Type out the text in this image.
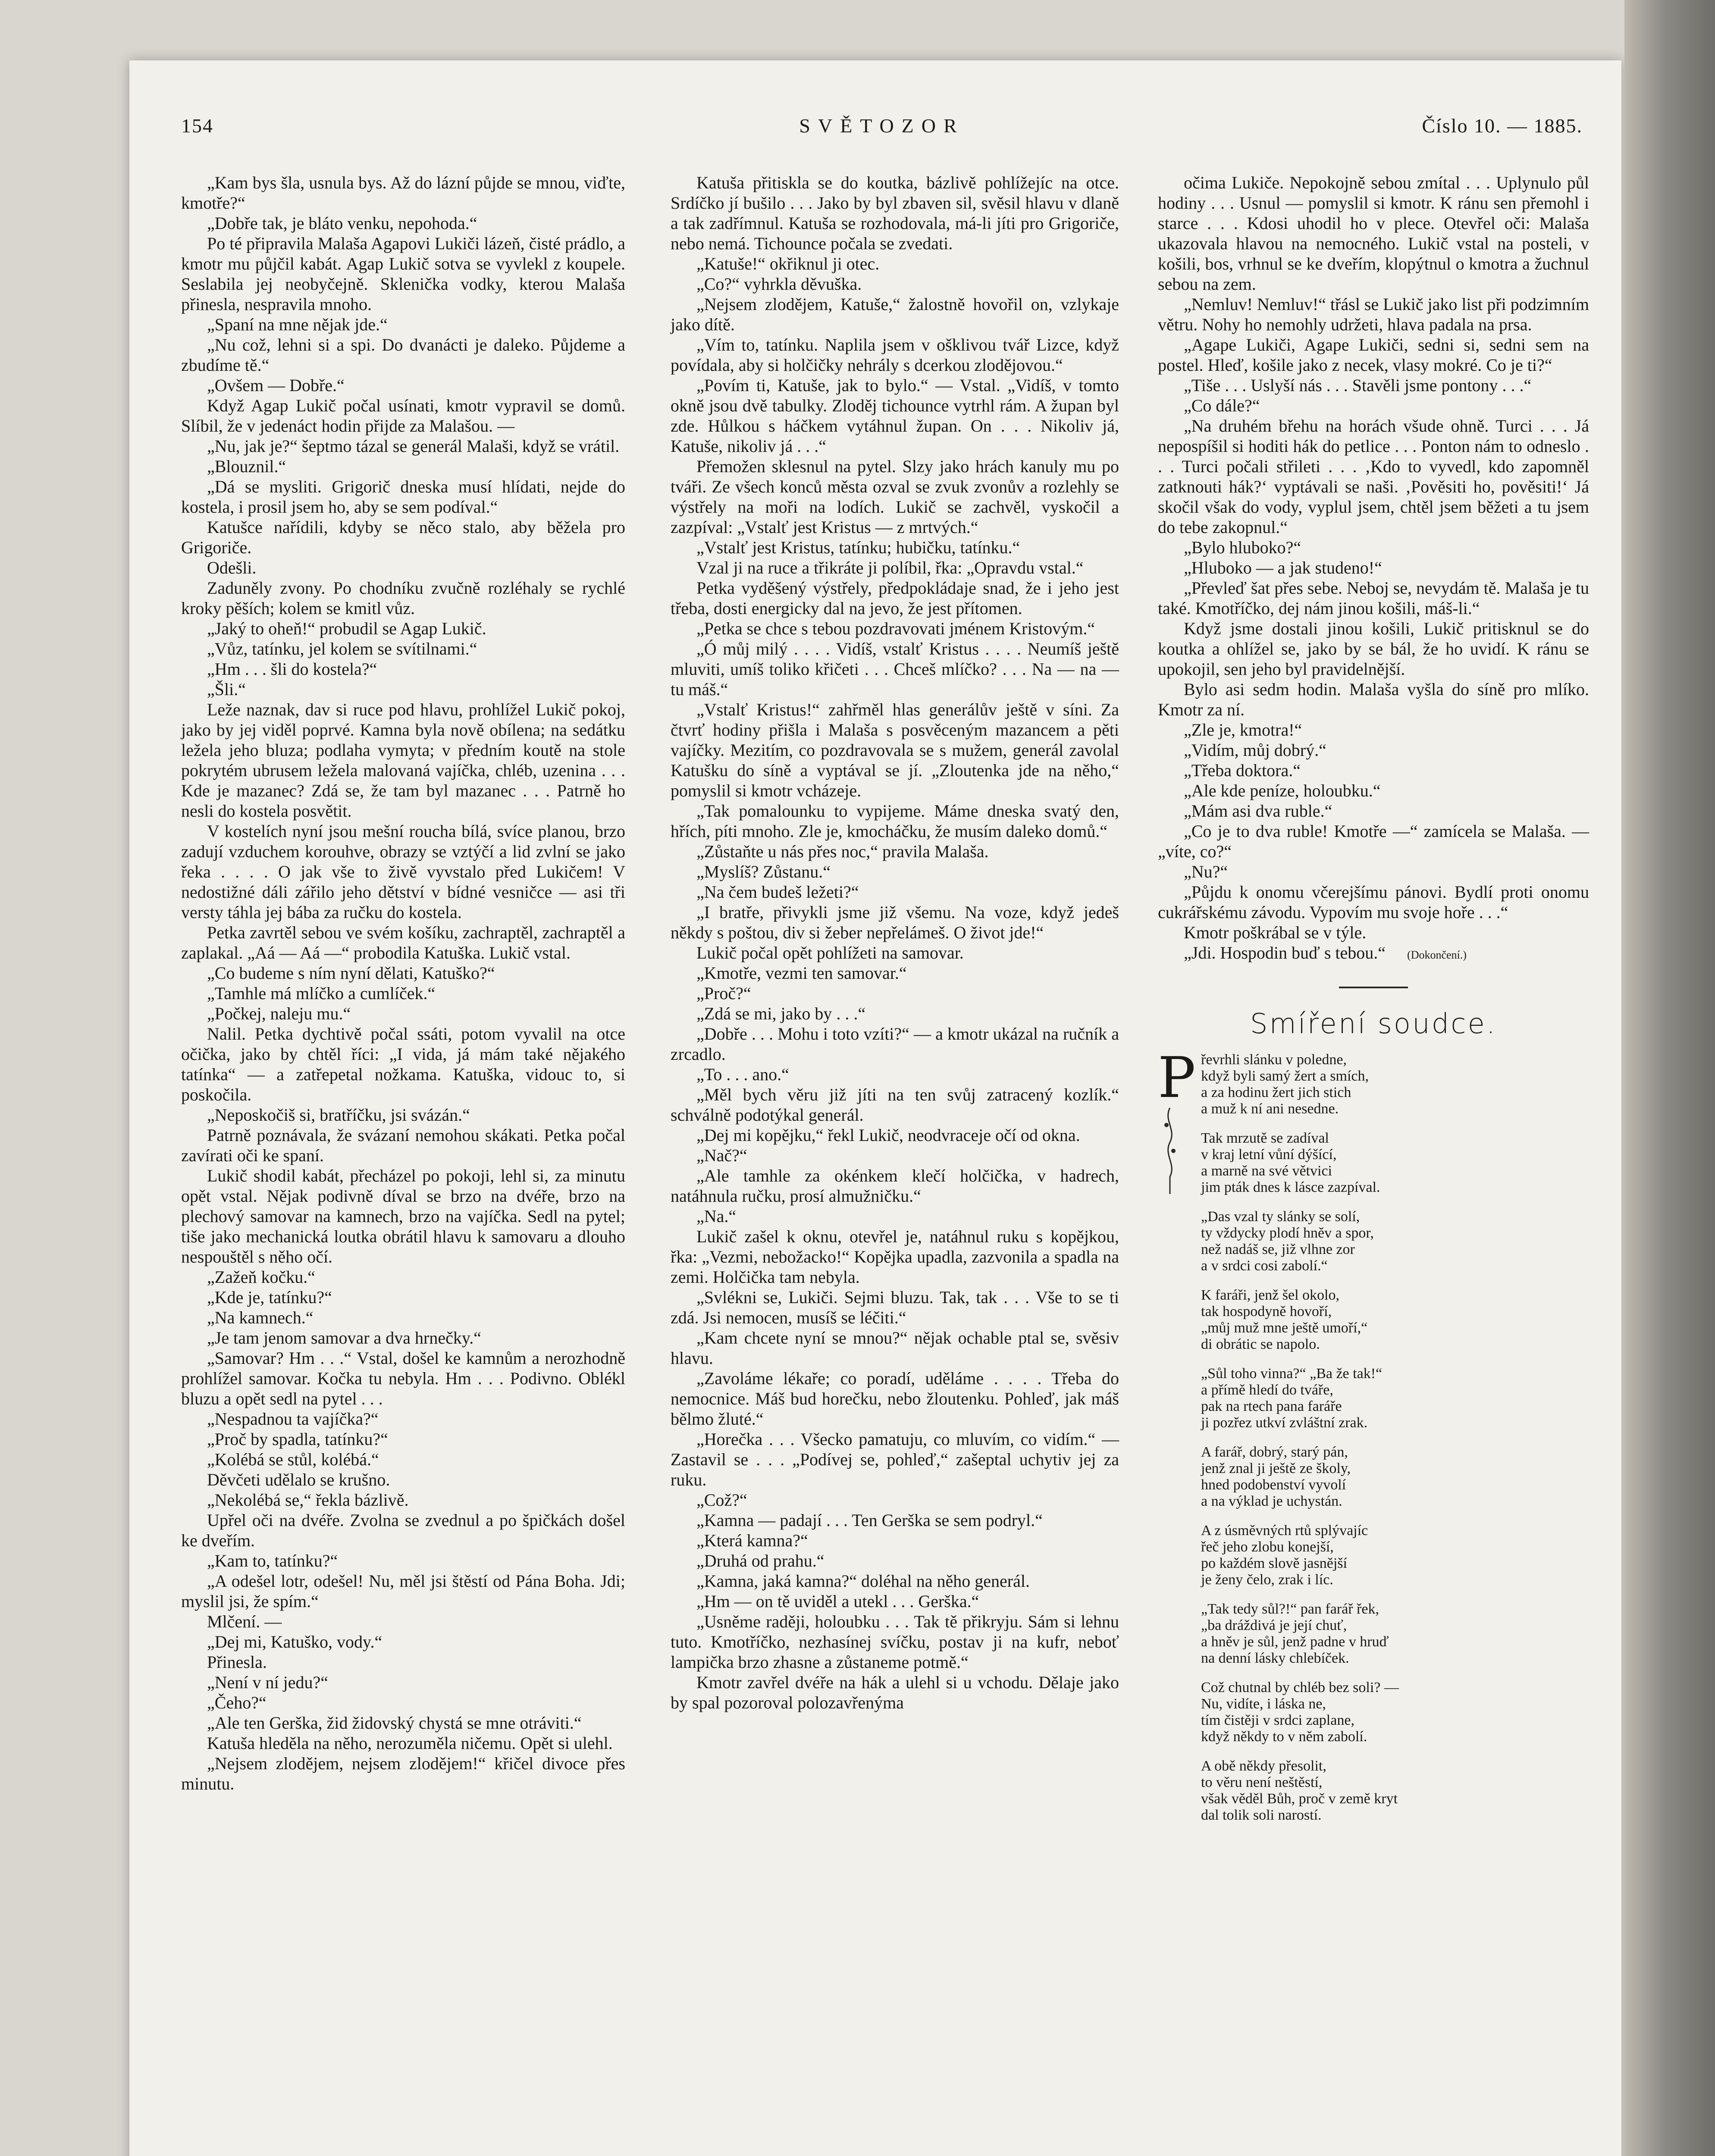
154	SVĚTOZOR	Číslo 10. — 1885.

„Kam bys šla, usnula bys. Až do lázní půjde se mnou, viďte, kmotře?“

„Dobře tak, je bláto venku, nepohoda.“

Po té připravila Malaša Agapovi Lukiči lázeň, čisté prádlo, a kmotr mu půjčil kabát. Agap Lukič sotva se vyvlekl z koupele. Seslabila jej neobyčejně. Sklenička vodky, kterou Malaša přinesla, nespravila mnoho.

„Spaní na mne nějak jde.“

„Nu což, lehni si a spi. Do dvanácti je daleko. Půjdeme a zbudíme tě.“

„Ovšem — Dobře.“

Když Agap Lukič počal usínati, kmotr vypravil se domů. Slíbil, že v jedenáct hodin přijde za Malašou. —

„Nu, jak je?“ šeptmo tázal se generál Malaši, když se vrátil.

„Blouznil.“

„Dá se mysliti. Grigorič dneska musí hlídati, nejde do kostela, i prosil jsem ho, aby se sem podíval.“

Katušce nařídili, kdyby se něco stalo, aby běžela pro Grigoriče.

Odešli.

Zaduněly zvony. Po chodníku zvučně rozléhaly se rychlé kroky pěších; kolem se kmitl vůz.

„Jaký to oheň!“ probudil se Agap Lukič.

„Vůz, tatínku, jel kolem se svítilnami.“

„Hm . . . šli do kostela?“

„Šli.“

Leže naznak, dav si ruce pod hlavu, prohlížel Lukič pokoj, jako by jej viděl poprvé. Kamna byla nově obílena; na sedátku ležela jeho bluza; podlaha vymyta; v předním koutě na stole pokrytém ubrusem ležela malovaná vajíčka, chléb, uzenina . . . Kde je mazanec? Zdá se, že tam byl mazanec . . . Patrně ho nesli do kostela posvětit.

V kostelích nyní jsou mešní roucha bílá, svíce planou, brzo zadují vzduchem korouhve, obrazy se vztýčí a lid zvlní se jako řeka . . . . O jak vše to živě vyvstalo před Lukičem! V nedostižné dáli zářilo jeho dětství v bídné vesničce — asi tři versty táhla jej bába za ručku do kostela.

Petka zavrtěl sebou ve svém košíku, zachraptěl, zachraptěl a zaplakal. „Aá — Aá —“ probodila Katuška. Lukič vstal.

„Co budeme s ním nyní dělati, Katuško?“

„Tamhle má mlíčko a cumlíček.“

„Počkej, naleju mu.“

Nalil. Petka dychtivě počal ssáti, potom vyvalil na otce očička, jako by chtěl říci: „I vida, já mám také nějakého tatínka“ — a zatřepetal nožkama. Katuška, vidouc to, si poskočila.

„Neposkočiš si, bratříčku, jsi svázán.“

Patrně poznávala, že svázaní nemohou skákati. Petka počal zavírati oči ke spaní.

Lukič shodil kabát, přecházel po pokoji, lehl si, za minutu opět vstal. Nějak podivně díval se brzo na dvéře, brzo na plechový samovar na kamnech, brzo na vajíčka. Sedl na pytel; tiše jako mechanická loutka obrátil hlavu k samovaru a dlouho nespouštěl s něho očí.

„Zažeň kočku.“

„Kde je, tatínku?“

„Na kamnech.“

„Je tam jenom samovar a dva hrnečky.“

„Samovar? Hm . . .“ Vstal, došel ke kamnům a nerozhodně prohlížel samovar. Kočka tu nebyla. Hm . . . Podivno. Oblékl bluzu a opět sedl na pytel . . .

„Nespadnou ta vajíčka?“

„Proč by spadla, tatínku?“

„Kolébá se stůl, kolébá.“

Děvčeti udělalo se krušno.

„Nekolébá se,“ řekla bázlivě.

Upřel oči na dvéře. Zvolna se zvednul a po špičkách došel ke dveřím.

„Kam to, tatínku?“

„A odešel lotr, odešel! Nu, měl jsi štěstí od Pána Boha. Jdi; myslil jsi, že spím.“

Mlčení. —

„Dej mi, Katuško, vody.“

Přinesla.

„Není v ní jedu?“

„Čeho?“

„Ale ten Gerška, žid židovský chystá se mne otráviti.“

Katuša hleděla na něho, nerozuměla ničemu. Opět si ulehl.

„Nejsem zlodějem, nejsem zlodějem!“ křičel divoce přes minutu.

Katuša přitiskla se do koutka, bázlivě pohlížejíc na otce. Srdíčko jí bušilo . . . Jako by byl zbaven sil, svěsil hlavu v dlaně a tak zadřímnul. Katuša se rozhodovala, má-li jíti pro Grigoriče, nebo nemá. Tichounce počala se zvedati.

„Katuše!“ okřiknul ji otec.

„Co?“ vyhrkla děvuška.

„Nejsem zlodějem, Katuše,“ žalostně hovořil on, vzlykaje jako dítě.

„Vím to, tatínku. Naplila jsem v ošklivou tvář Lizce, když povídala, aby si holčičky nehrály s dcerkou zlodějovou.“

„Povím ti, Katuše, jak to bylo.“ — Vstal. „Vidíš, v tomto okně jsou dvě tabulky. Zloděj tichounce vytrhl rám. A župan byl zde. Hůlkou s háčkem vytáhnul župan. On . . . Nikoliv já, Katuše, nikoliv já . . .“

Přemožen sklesnul na pytel. Slzy jako hrách kanuly mu po tváři. Ze všech konců města ozval se zvuk zvonův a rozlehly se výstřely na moři na lodích. Lukič se zachvěl, vyskočil a zazpíval: „Vstalť jest Kristus — z mrtvých.“

„Vstalť jest Kristus, tatínku; hubičku, tatínku.“

Vzal ji na ruce a třikráte ji políbil, řka: „Opravdu vstal.“

Petka vyděšený výstřely, předpokládaje snad, že i jeho jest třeba, dosti energicky dal na jevo, že jest přítomen.

„Petka se chce s tebou pozdravovati jménem Kristovým.“

„Ó můj milý . . . . Vidíš, vstalť Kristus . . . . Neumíš ještě mluviti, umíš toliko křičeti . . . Chceš mlíčko? . . . Na — na — tu máš.“

„Vstalť Kristus!“ zahřměl hlas generálův ještě v síni. Za čtvrť hodiny přišla i Malaša s posvěceným mazancem a pěti vajíčky. Mezitím, co pozdravovala se s mužem, generál zavolal Katušku do síně a vyptával se jí. „Zloutenka jde na něho,“ pomyslil si kmotr vcházeje.

„Tak pomalounku to vypijeme. Máme dneska svatý den, hřích, píti mnoho. Zle je, kmocháčku, že musím daleko domů.“

„Zůstaňte u nás přes noc,“ pravila Malaša.

„Myslíš? Zůstanu.“

„Na čem budeš ležeti?“

„I bratře, přivykli jsme již všemu. Na voze, když jedeš někdy s poštou, div si žeber nepřelámeš. O život jde!“

Lukič počal opět pohlížeti na samovar.

„Kmotře, vezmi ten samovar.“

„Proč?“

„Zdá se mi, jako by . . .“

„Dobře . . . Mohu i toto vzíti?“ — a kmotr ukázal na ručník a zrcadlo.

„To . . . ano.“

„Měl bych věru již jíti na ten svůj zatracený kozlík.“ schválně podotýkal generál.

„Dej mi kopějku,“ řekl Lukič, neodvraceje očí od okna.

„Nač?“

„Ale tamhle za okénkem klečí holčička, v hadrech, natáhnula ručku, prosí almužničku.“

„Na.“

Lukič zašel k oknu, otevřel je, natáhnul ruku s kopějkou, řka: „Vezmi, nebožacko!“ Kopějka upadla, zazvonila a spadla na zemi. Holčička tam nebyla.

„Svlékni se, Lukiči. Sejmi bluzu. Tak, tak . . . Vše to se ti zdá. Jsi nemocen, musíš se léčiti.“

„Kam chcete nyní se mnou?“ nějak ochable ptal se, svěsiv hlavu.

„Zavoláme lékaře; co poradí, uděláme . . . . Třeba do nemocnice. Máš bud horečku, nebo žloutenku. Pohleď, jak máš bělmo žluté.“

„Horečka . . . Všecko pamatuju, co mluvím, co vidím.“ — Zastavil se . . . „Podívej se, pohleď,“ zašeptal uchytiv jej za ruku.

„Což?“

„Kamna — padají . . . Ten Gerška se sem podryl.“

„Která kamna?“

„Druhá od prahu.“

„Kamna, jaká kamna?“ doléhal na něho generál.

„Hm — on tě uviděl a utekl . . . Gerška.“

„Usněme raději, holoubku . . . Tak tě přikryju. Sám si lehnu tuto. Kmotříčko, nezhasínej svíčku, postav ji na kufr, neboť lampička brzo zhasne a zůstaneme potmě.“

Kmotr zavřel dvéře na hák a ulehl si u vchodu. Dělaje jako by spal pozoroval polozavřenýma

očima Lukiče. Nepokojně sebou zmítal . . . Uplynulo půl hodiny . . . Usnul — pomyslil si kmotr. K ránu sen přemohl i starce . . . Kdosi uhodil ho v plece. Otevřel oči: Malaša ukazovala hlavou na nemocného. Lukič vstal na posteli, v košili, bos, vrhnul se ke dveřím, klopýtnul o kmotra a žuchnul sebou na zem.

„Nemluv! Nemluv!“ třásl se Lukič jako list při podzimním větru. Nohy ho nemohly udržeti, hlava padala na prsa.

„Agape Lukiči, Agape Lukiči, sedni si, sedni sem na postel. Hleď, košile jako z necek, vlasy mokré. Co je ti?“

„Tiše . . . Uslyší nás . . . Stavěli jsme pontony . . .“

„Co dále?“

„Na druhém břehu na horách všude ohně. Turci . . . Já nepospíšil si hoditi hák do petlice . . . Ponton nám to odneslo . . . Turci počali střileti . . . ‚Kdo to vyvedl, kdo zapomněl zatknouti hák?‘ vyptávali se naši. ‚Pověsiti ho, pověsiti!‘ Já skočil však do vody, vyplul jsem, chtěl jsem běžeti a tu jsem do tebe zakopnul.“

„Bylo hluboko?“

„Hluboko — a jak studeno!“

„Převleď šat přes sebe. Neboj se, nevydám tě. Malaša je tu také. Kmotříčko, dej nám jinou košili, máš-li.“

Když jsme dostali jinou košili, Lukič pritisknul se do koutka a ohlížel se, jako by se bál, že ho uvidí. K ránu se upokojil, sen jeho byl pravidelnější.

Bylo asi sedm hodin. Malaša vyšla do síně pro mlíko. Kmotr za ní.

„Zle je, kmotra!“

„Vidím, můj dobrý.“

„Třeba doktora.“

„Ale kde peníze, holoubku.“

„Mám asi dva ruble.“

„Co je to dva ruble! Kmotře —“ zamícela se Malaša. — „víte, co?“

„Nu?“

„Půjdu k onomu včerejšímu pánovi. Bydlí proti onomu cukrářskému závodu. Vypovím mu svoje hoře . . .“

Kmotr poškrábal se v týle.

„Jdi. Hospodin buď s tebou.“ (Dokončení.)

Smíření soudce.
P řevrhli slánku v poledne,
když byli samý žert a smích,
a za hodinu žert jich stich
a muž k ní ani nesedne.
Tak mrzutě se zadíval
v kraj letní vůní dýšící,
a marně na své větvici
jim pták dnes k lásce zazpíval.
„Das vzal ty slánky se solí,
ty vždycky plodí hněv a spor,
než nadáš se, již vlhne zor
a v srdci cosi zabolí.“
K faráři, jenž šel okolo,
tak hospodyně hovoří,
„můj muž mne ještě umoří,“
di obrátic se napolo.
„Sůl toho vinna?“ „Ba že tak!“
a přímě hledí do tváře,
pak na rtech pana faráře
ji pozřez utkví zvláštní zrak.
A farář, dobrý, starý pán,
jenž znal ji ještě ze školy,
hned podobenství vyvolí
a na výklad je uchystán.
A z úsměvných rtů splývajíc
řeč jeho zlobu konejší,
po každém slově jasnější
je ženy čelo, zrak i líc.
„Tak tedy sůl?!“ pan farář řek,
„ba dráždivá je její chuť,
a hněv je sůl, jenž padne v hruď
na denní lásky chlebíček.
Což chutnal by chléb bez soli? —
Nu, vidíte, i láska ne,
tím čistěji v srdci zaplane,
když někdy to v něm zabolí.
A obě někdy přesolit,
to věru není neštěstí,
však věděl Bůh, proč v země kryt
dal tolik soli narostí.
